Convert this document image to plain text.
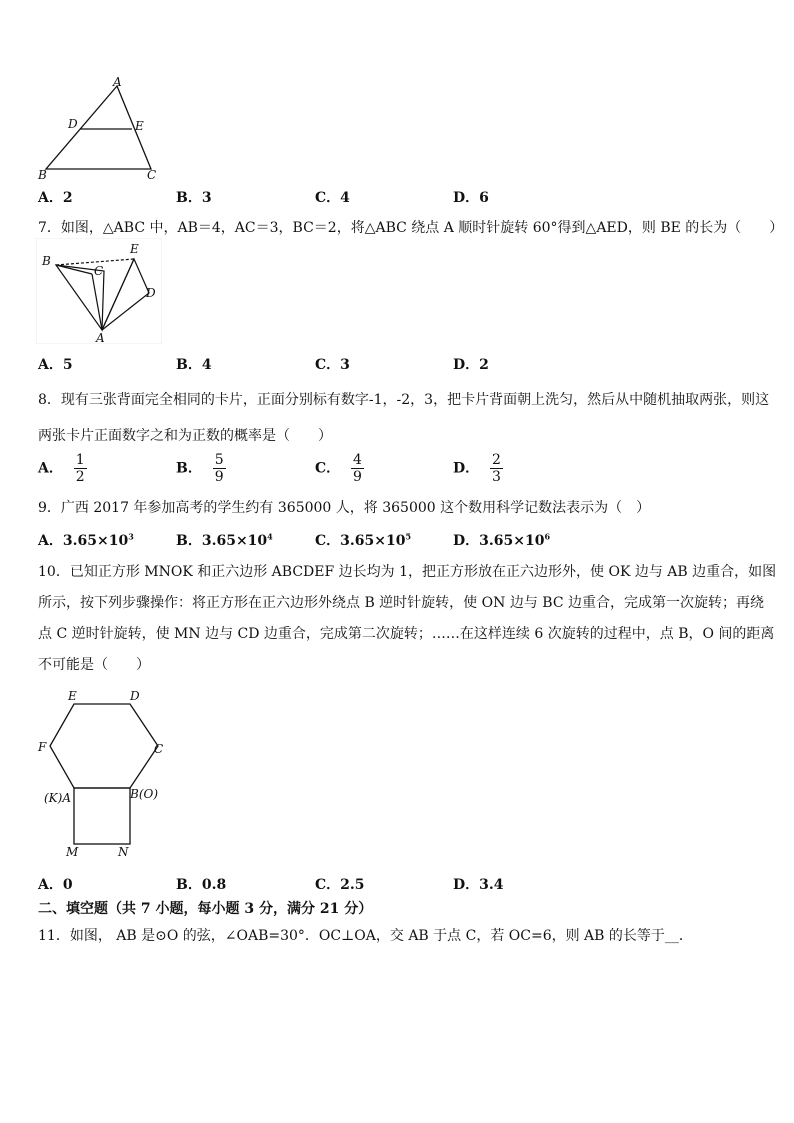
A
D	E
B	C
A．2	B．3	C．4	D．6
7．如图，△ABC 中，AB＝4，AC＝3，BC＝2，将△ABC 绕点 A 顺时针旋转 60°得到△AED，则 BE 的长为（　　）
B
C
E
D
A
A．5	B．4	C．3	D．2
8．现有三张背面完全相同的卡片，正面分别标有数字-1，-2，3，把卡片背面朝上洗匀，然后从中随机抽取两张，则这
两张卡片正面数字之和为正数的概率是（　　）
A． $\frac{1}{2}$	B． $\frac{5}{9}$	C． $\frac{4}{9}$	D． $\frac{2}{3}$
9．广西 2017 年参加高考的学生约有 365000 人，将 365000 这个数用科学记数法表示为（　）
A．$3.65\times 10^3$	B．$3.65\times 10^4$	C．$3.65\times 10^5$	D．$3.65\times 10^6$
10．已知正方形 MNOK 和正六边形 ABCDEF 边长均为 1，把正方形放在正六边形外，使 OK 边与 AB 边重合，如图
所示，按下列步骤操作：将正方形在正六边形外绕点 B 逆时针旋转，使 ON 边与 BC 边重合，完成第一次旋转；再绕
点 C 逆时针旋转，使 MN 边与 CD 边重合，完成第二次旋转；……在这样连续 6 次旋转的过程中，点 B，O 间的距离
不可能是（　　）
E	D
F	C
(K)A	B(O)
M	N
A．0	B．0.8	C．2.5	D．3.4
二、填空题（共 7 小题，每小题 3 分，满分 21 分）
11．如图， AB 是⊙O 的弦，∠OAB=30°．OC⊥OA，交 AB 于点 C，若 OC=6，则 AB 的长等于__．
